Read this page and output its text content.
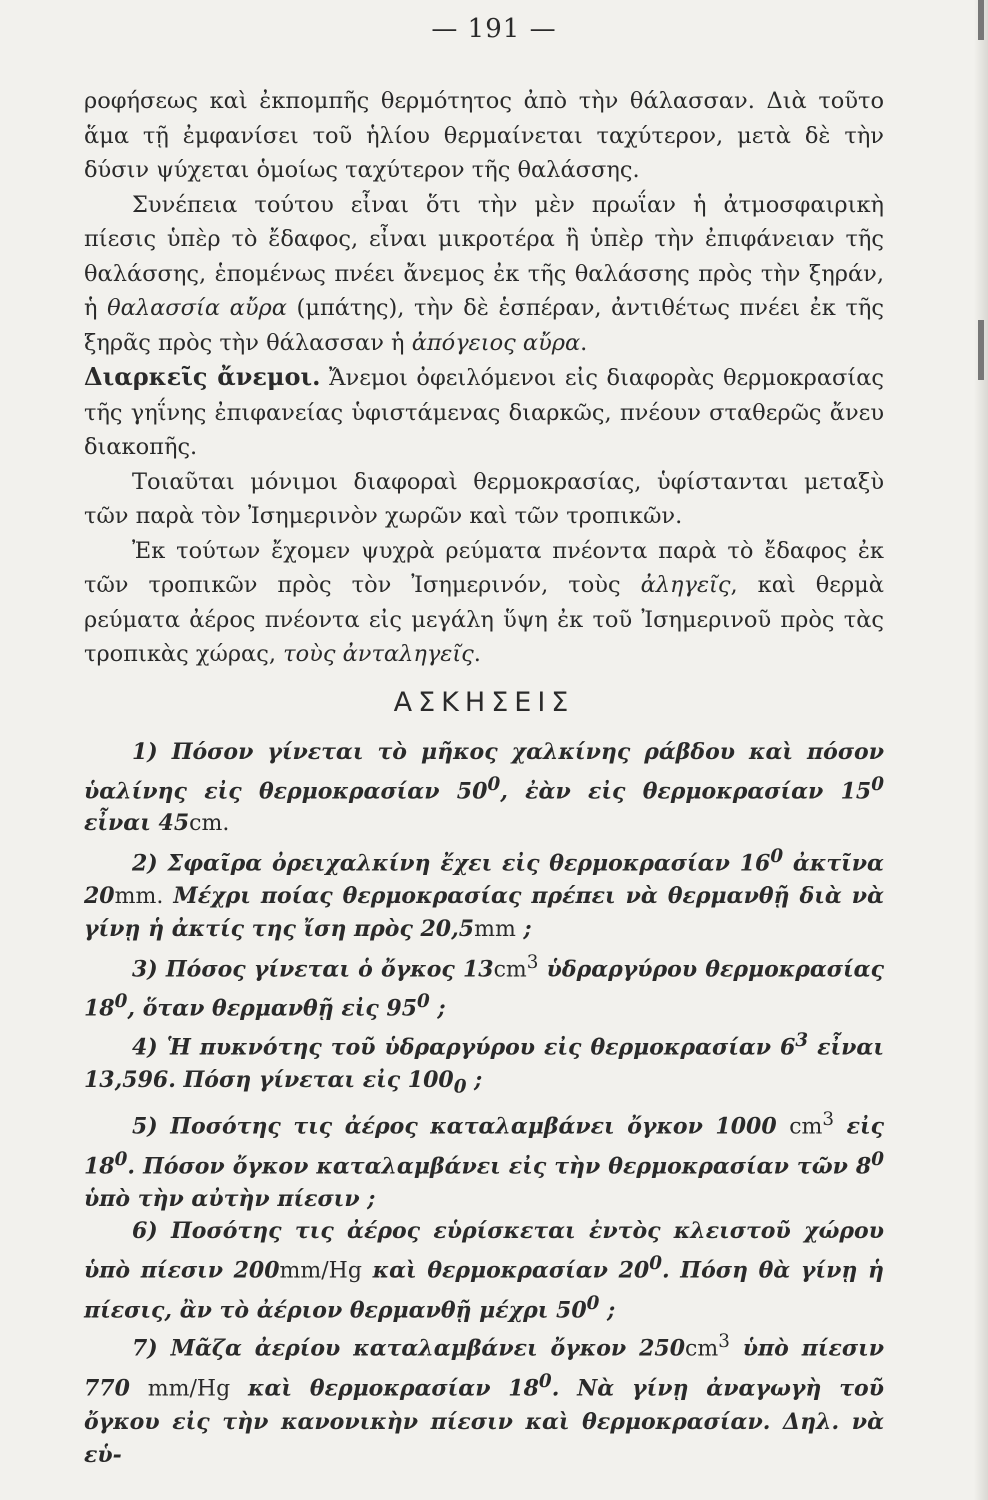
— 191 —

ροφήσεως καὶ ἐκπομπῆς θερμότητος ἀπὸ τὴν θάλασσαν. Διὰ τοῦτο ἅμα τῇ ἐμφανίσει τοῦ ἡλίου θερμαίνεται ταχύτερον, μετὰ δὲ τὴν δύσιν ψύχεται ὁμοίως ταχύτερον τῆς θαλάσσης.

Συνέπεια τούτου εἶναι ὅτι τὴν μὲν πρωΐαν ἡ ἀτμοσφαιρικὴ πίεσις ὑπὲρ τὸ ἔδαφος, εἶναι μικροτέρα ἢ ὑπὲρ τὴν ἐπιφάνειαν τῆς θαλάσσης, ἑπομένως πνέει ἄνεμος ἐκ τῆς θαλάσσης πρὸς τὴν ξηράν, ἡ θαλασσία αὔρα (μπάτης), τὴν δὲ ἑσπέραν, ἀντιθέτως πνέει ἐκ τῆς ξηρᾶς πρὸς τὴν θάλασσαν ἡ ἀπόγειος αὔρα.

Διαρκεῖς ἄνεμοι. Ἄνεμοι ὀφειλόμενοι εἰς διαφορὰς θερμοκρασίας τῆς γηΐνης ἐπιφανείας ὑφιστάμενας διαρκῶς, πνέουν σταθερῶς ἄνευ διακοπῆς.

Τοιαῦται μόνιμοι διαφοραὶ θερμοκρασίας, ὑφίστανται μεταξὺ τῶν παρὰ τὸν Ἰσημερινὸν χωρῶν καὶ τῶν τροπικῶν.

Ἐκ τούτων ἔχομεν ψυχρὰ ρεύματα πνέοντα παρὰ τὸ ἔδαφος ἐκ τῶν τροπικῶν πρὸς τὸν Ἰσημερινόν, τοὺς ἀληγεῖς, καὶ θερμὰ ρεύματα ἀέρος πνέοντα εἰς μεγάλη ὕψη ἐκ τοῦ Ἰσημερινοῦ πρὸς τὰς τροπικὰς χώρας, τοὺς ἀνταληγεῖς.

ΑΣΚΗΣΕΙΣ

1) Πόσον γίνεται τὸ μῆκος χαλκίνης ράβδου καὶ πόσον ὑαλίνης εἰς θερμοκρασίαν $50^0$, ἐὰν εἰς θερμοκρασίαν $15^0$ εἶναι 45cm.

2) Σφαῖρα ὀρειχαλκίνη ἔχει εἰς θερμοκρασίαν $16^0$ ἀκτῖνα 20mm. Μέχρι ποίας θερμοκρασίας πρέπει νὰ θερμανθῇ διὰ νὰ γίνῃ ἡ ἀκτίς της ἴση πρὸς 20,5mm ;

3) Πόσος γίνεται ὁ ὄγκος $13cm^3$ ὑδραργύρου θερμοκρασίας $18^0$, ὅταν θερμανθῇ εἰς $95^0$ ;

4) Ἡ πυκνότης τοῦ ὑδραργύρου εἰς θερμοκρασίαν $6^3$ εἶναι 13,596. Πόση γίνεται εἰς $100_0$ ;

5) Ποσότης τις ἀέρος καταλαμβάνει ὄγκον 1000 $cm^3$ εἰς $18^0$. Πόσον ὄγκον καταλαμβάνει εἰς τὴν θερμοκρασίαν τῶν $8^0$ ὑπὸ τὴν αὐτὴν πίεσιν ;

6) Ποσότης τις ἀέρος εὑρίσκεται ἐντὸς κλειστοῦ χώρου ὑπὸ πίεσιν 200mm/Hg καὶ θερμοκρασίαν $20^0$. Πόση θὰ γίνῃ ἡ πίεσις, ἂν τὸ ἀέριον θερμανθῇ μέχρι $50^0$ ;

7) Μᾶζα ἀερίου καταλαμβάνει ὄγκον $250cm^3$ ὑπὸ πίεσιν 770 mm/Hg καὶ θερμοκρασίαν $18^0$. Νὰ γίνῃ ἀναγωγὴ τοῦ ὄγκου εἰς τὴν κανονικὴν πίεσιν καὶ θερμοκρασίαν. Δηλ. νὰ εὑ-
